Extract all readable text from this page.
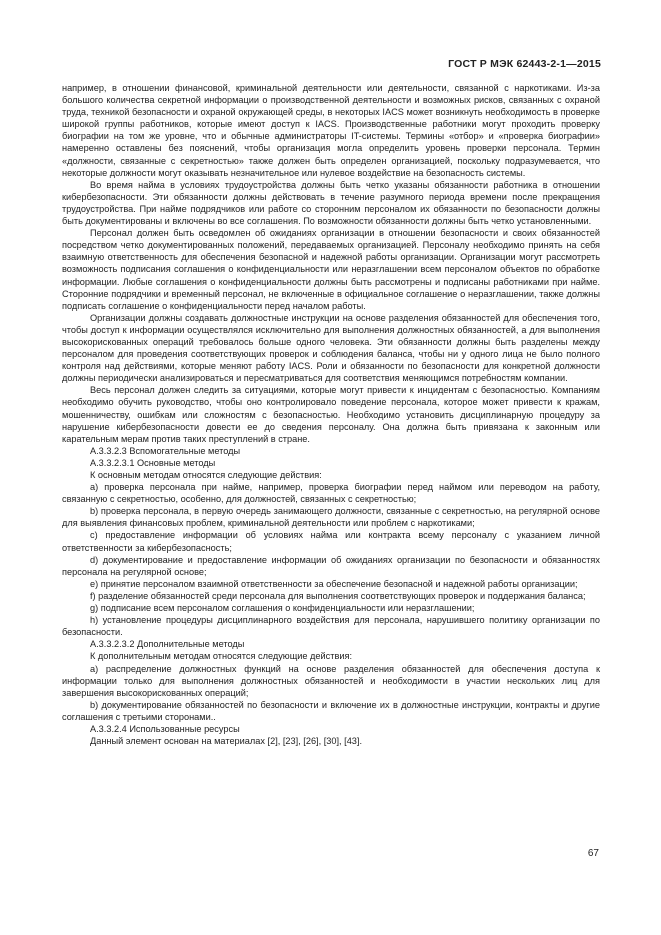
ГОСТ Р МЭК 62443-2-1—2015

например, в отношении финансовой, криминальной деятельности или деятельности, связанной с наркотиками. Из-за большого количества секретной информации о производственной деятельности и возможных рисков, связанных с охраной труда, техникой безопасности и охраной окружающей среды, в некоторых IACS может возникнуть необходимость в проверке широкой группы работников, которые имеют доступ к IACS. Производственные работники могут проходить проверку биографии на том же уровне, что и обычные администраторы IT-системы. Термины «отбор» и «проверка биографии» намеренно оставлены без пояснений, чтобы организация могла определить уровень проверки персонала. Термин «должности, связанные с секретностью» также должен быть определен организацией, поскольку подразумевается, что некоторые должности могут оказывать незначительное или нулевое воздействие на безопасность системы.

Во время найма в условиях трудоустройства должны быть четко указаны обязанности работника в отношении кибербезопасности. Эти обязанности должны действовать в течение разумного периода времени после прекращения трудоустройства. При найме подрядчиков или работе со сторонним персоналом их обязанности по безопасности должны быть документированы и включены во все соглашения. По возможности обязанности должны быть четко установленными.

Персонал должен быть осведомлен об ожиданиях организации в отношении безопасности и своих обязанностей посредством четко документированных положений, передаваемых организацией. Персоналу необходимо принять на себя взаимную ответственность для обеспечения безопасной и надежной работы организации. Организации могут рассмотреть возможность подписания соглашения о конфиденциальности или неразглашении всем персоналом объектов по обработке информации. Любые соглашения о конфиденциальности должны быть рассмотрены и подписаны работниками при найме. Сторонние подрядчики и временный персонал, не включенные в официальное соглашение о неразглашении, также должны подписать соглашение о конфиденциальности перед началом работы.

Организации должны создавать должностные инструкции на основе разделения обязанностей для обеспечения того, чтобы доступ к информации осуществлялся исключительно для выполнения должностных обязанностей, а для выполнения высокорискованных операций требовалось больше одного человека. Эти обязанности должны быть разделены между персоналом для проведения соответствующих проверок и соблюдения баланса, чтобы ни у одного лица не было полного контроля над действиями, которые меняют работу IACS. Роли и обязанности по безопасности для конкретной должности должны периодически анализироваться и пересматриваться для соответствия меняющимся потребностям компании.

Весь персонал должен следить за ситуациями, которые могут привести к инцидентам с безопасностью. Компаниям необходимо обучить руководство, чтобы оно контролировало поведение персонала, которое может привести к кражам, мошенничеству, ошибкам или сложностям с безопасностью. Необходимо установить дисциплинарную процедуру за нарушение кибербезопасности довести ее до сведения персоналу. Она должна быть привязана к законным или карательным мерам против таких преступлений в стране.

А.3.3.2.3 Вспомогательные методы

А.3.3.2.3.1 Основные методы

К основным методам относятся следующие действия:

a) проверка персонала при найме, например, проверка биографии перед наймом или переводом на работу, связанную с секретностью, особенно, для должностей, связанных с секретностью;

b) проверка персонала, в первую очередь занимающего должности, связанные с секретностью, на регулярной основе для выявления финансовых проблем, криминальной деятельности или проблем с наркотиками;

c) предоставление информации об условиях найма или контракта всему персоналу с указанием личной ответственности за кибербезопасность;

d) документирование и предоставление информации об ожиданиях организации по безопасности и обязанностях персонала на регулярной основе;

e) принятие персоналом взаимной ответственности за обеспечение безопасной и надежной работы организации;

f) разделение обязанностей среди персонала для выполнения соответствующих проверок и поддержания баланса;

g) подписание всем персоналом соглашения о конфиденциальности или неразглашении;

h) установление процедуры дисциплинарного воздействия для персонала, нарушившего политику организации по безопасности.

А.3.3.2.3.2 Дополнительные методы

К дополнительным методам относятся следующие действия:

a) распределение должностных функций на основе разделения обязанностей для обеспечения доступа к информации только для выполнения должностных обязанностей и необходимости в участии нескольких лиц для завершения высокорискованных операций;

b) документирование обязанностей по безопасности и включение их в должностные инструкции, контракты и другие соглашения с третьими сторонами..

А.3.3.2.4 Использованные ресурсы

Данный элемент основан на материалах [2], [23], [26], [30], [43].

67
